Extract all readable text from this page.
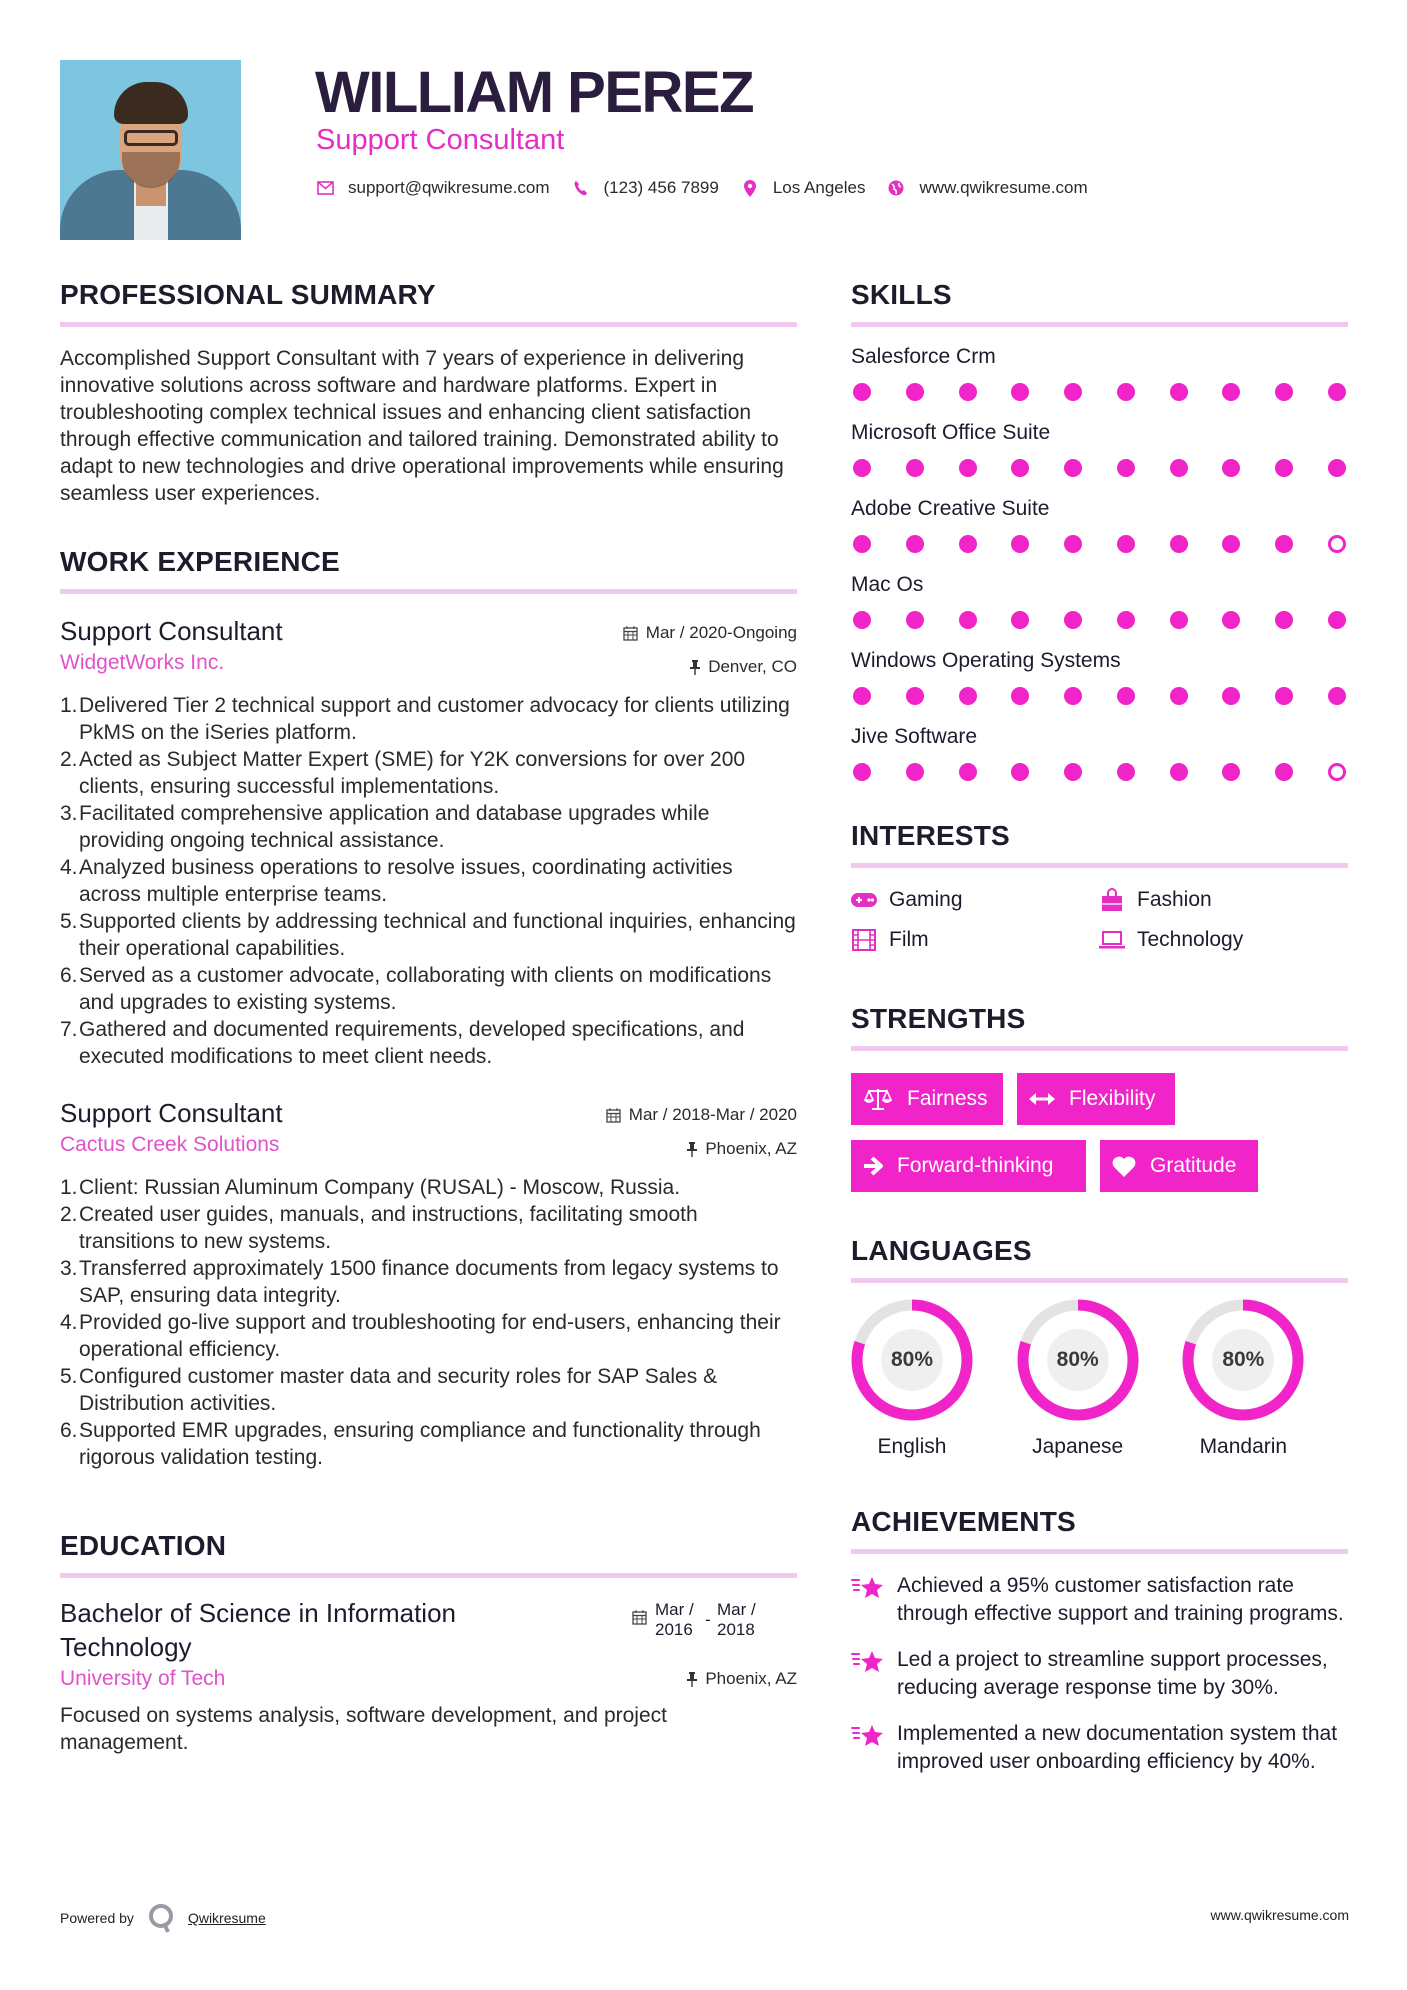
WILLIAM PEREZ
Support Consultant
support@qwikresume.com	(123) 456 7899	Los Angeles	www.qwikresume.com
PROFESSIONAL SUMMARY

Accomplished Support Consultant with 7 years of experience in delivering innovative solutions across software and hardware platforms. Expert in troubleshooting complex technical issues and enhancing client satisfaction through effective communication and tailored training. Demonstrated ability to adapt to new technologies and drive operational improvements while ensuring seamless user experiences.

WORK EXPERIENCE
Support Consultant
WidgetWorks Inc.
Mar / 2020-Ongoing
Denver, CO
1. Delivered Tier 2 technical support and customer advocacy for clients utilizing PkMS on the iSeries platform.
2. Acted as Subject Matter Expert (SME) for Y2K conversions for over 200 clients, ensuring successful implementations.
3. Facilitated comprehensive application and database upgrades while providing ongoing technical assistance.
4. Analyzed business operations to resolve issues, coordinating activities across multiple enterprise teams.
5. Supported clients by addressing technical and functional inquiries, enhancing their operational capabilities.
6. Served as a customer advocate, collaborating with clients on modifications and upgrades to existing systems.
7. Gathered and documented requirements, developed specifications, and executed modifications to meet client needs.
Support Consultant
Cactus Creek Solutions
Mar / 2018-Mar / 2020
Phoenix, AZ
1. Client: Russian Aluminum Company (RUSAL) - Moscow, Russia.
2. Created user guides, manuals, and instructions, facilitating smooth transitions to new systems.
3. Transferred approximately 1500 finance documents from legacy systems to SAP, ensuring data integrity.
4. Provided go-live support and troubleshooting for end-users, enhancing their operational efficiency.
5. Configured customer master data and security roles for SAP Sales & Distribution activities.
6. Supported EMR upgrades, ensuring compliance and functionality through rigorous validation testing.
EDUCATION
Bachelor of Science in Information Technology
Mar / 2016
-
Mar / 2018
University of Tech	Phoenix, AZ

Focused on systems analysis, software development, and project management.

SKILLS
Salesforce Crm
Microsoft Office Suite
Adobe Creative Suite
Mac Os
Windows Operating Systems
Jive Software
INTERESTS
Gaming	Fashion
Film	Technology
STRENGTHS
Fairness	Flexibility
Forward-thinking	Gratitude
LANGUAGES
80%
English
80%
Japanese
80%
Mandarin
ACHIEVEMENTS
Achieved a 95% customer satisfaction rate through effective support and training programs.
Led a project to streamline support processes, reducing average response time by 30%.
Implemented a new documentation system that improved user onboarding efficiency by 40%.
Powered by	Qwikresume	www.qwikresume.com
